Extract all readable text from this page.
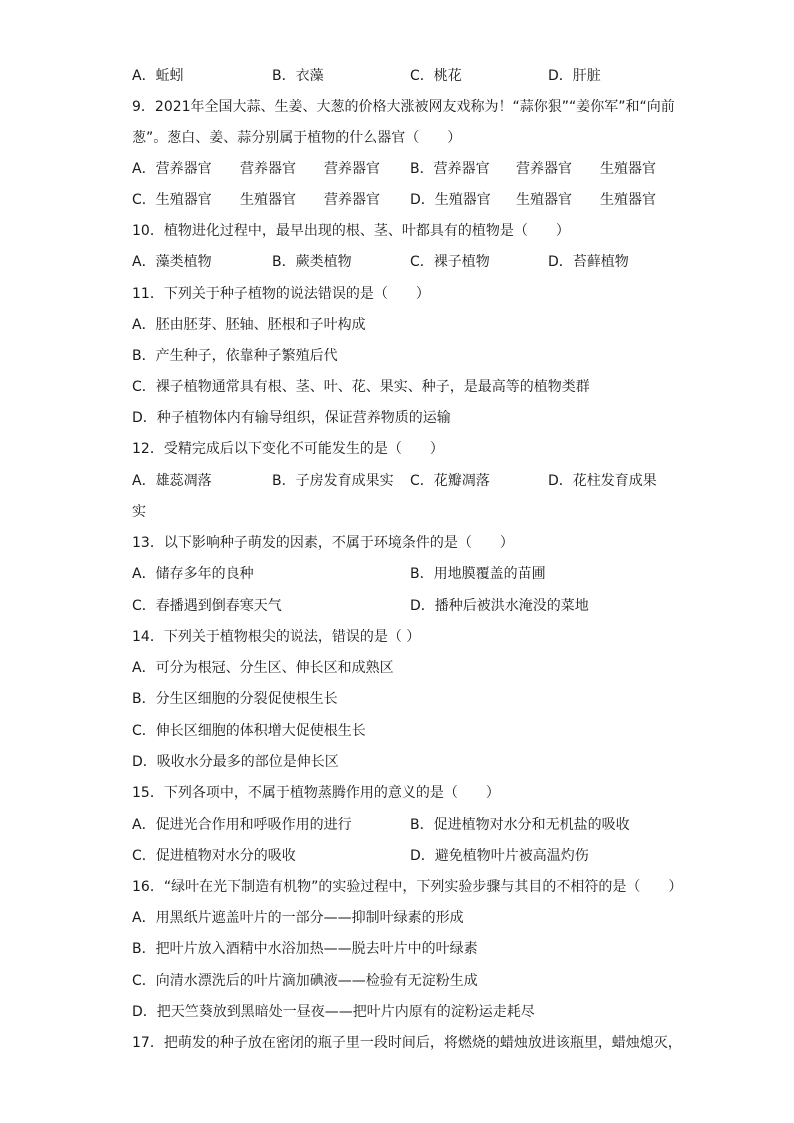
A．蚯蚓	B．衣藻	C．桃花	D．肝脏
9．2021年全国大蒜、生姜、大葱的价格大涨被网友戏称为！“蒜你狠”“姜你军”和“向前
葱”。葱白、姜、蒜分别属于植物的什么器官（　　）
A．营养器官 营养器官 营养器官 B．营养器官 营养器官 生殖器官
C．生殖器官 生殖器官 营养器官 D．生殖器官 生殖器官 生殖器官
10．植物进化过程中，最早出现的根、茎、叶都具有的植物是（　　）
A．藻类植物	B．蕨类植物	C．裸子植物	D．苔藓植物
11．下列关于种子植物的说法错误的是（　　）
A．胚由胚芽、胚轴、胚根和子叶构成
B．产生种子，依靠种子繁殖后代
C．裸子植物通常具有根、茎、叶、花、果实、种子，是最高等的植物类群
D．种子植物体内有输导组织，保证营养物质的运输
12．受精完成后以下变化不可能发生的是（　　）
A．雄蕊凋落	B．子房发育成果实 C．花瓣凋落	D．花柱发育成果
实
13．以下影响种子萌发的因素，不属于环境条件的是（　　）
A．储存多年的良种	B．用地膜覆盖的苗圃
C．春播遇到倒春寒天气	D．播种后被洪水淹没的菜地
14．下列关于植物根尖的说法，错误的是（ ）
A．可分为根冠、分生区、伸长区和成熟区
B．分生区细胞的分裂促使根生长
C．伸长区细胞的体积增大促使根生长
D．吸收水分最多的部位是伸长区
15．下列各项中，不属于植物蒸腾作用的意义的是（　　）
A．促进光合作用和呼吸作用的进行	B．促进植物对水分和无机盐的吸收
C．促进植物对水分的吸收	D．避免植物叶片被高温灼伤
16．“绿叶在光下制造有机物”的实验过程中，下列实验步骤与其目的不相符的是（　　）
A．用黑纸片遮盖叶片的一部分——抑制叶绿素的形成
B．把叶片放入酒精中水浴加热——脱去叶片中的叶绿素
C．向清水漂洗后的叶片滴加碘液——检验有无淀粉生成
D．把天竺葵放到黑暗处一昼夜——把叶片内原有的淀粉运走耗尽
17．把萌发的种子放在密闭的瓶子里一段时间后，将燃烧的蜡烛放进该瓶里，蜡烛熄灭，
